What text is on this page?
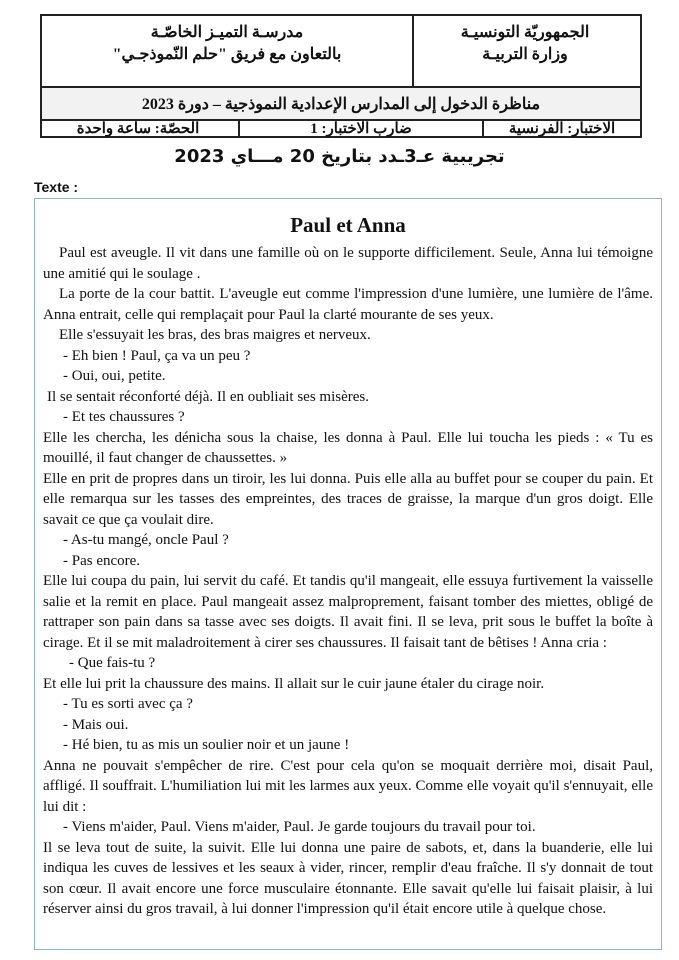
الجمهوريّة التونسيـة
وزارة التربيـة
مدرسـة التميـز الخاصّـة
بالتعاون مع فريق "حلم النّموذجـي"
مناظرة الدخول إلى المدارس الإعدادية النموذجية – دورة 2023
الاختبار: الفرنسية
ضارب الاختبار: 1
الحصّة: ساعة واحدة
تجريبية عـ3ـدد بتاريخ 20 مـــاي 2023
Texte :
Paul et Anna

Paul est aveugle. Il vit dans une famille où on le supporte difficilement. Seule, Anna lui témoigne une amitié qui le soulage .

La porte de la cour battit. L'aveugle eut comme l'impression d'une lumière, une lumière de l'âme. Anna entrait, celle qui remplaçait pour Paul la clarté mourante de ses yeux.

Elle s'essuyait les bras, des bras maigres et nerveux.

- Eh bien ! Paul, ça va un peu ?

- Oui, oui, petite.

Il se sentait réconforté déjà. Il en oubliait ses misères.

- Et tes chaussures ?

Elle les chercha, les dénicha sous la chaise, les donna à Paul. Elle lui toucha les pieds : « Tu es mouillé, il faut changer de chaussettes. »

Elle en prit de propres dans un tiroir, les lui donna. Puis elle alla au buffet pour se couper du pain. Et elle remarqua sur les tasses des empreintes, des traces de graisse, la marque d'un gros doigt. Elle savait ce que ça voulait dire.

- As-tu mangé, oncle Paul ?

- Pas encore.

Elle lui coupa du pain, lui servit du café. Et tandis qu'il mangeait, elle essuya furtivement la vaisselle salie et la remit en place. Paul mangeait assez malproprement, faisant tomber des miettes, obligé de rattraper son pain dans sa tasse avec ses doigts. Il avait fini. Il se leva, prit sous le buffet la boîte à cirage. Et il se mit maladroitement à cirer ses chaussures. Il faisait tant de bêtises ! Anna cria :

- Que fais-tu ?

Et elle lui prit la chaussure des mains. Il allait sur le cuir jaune étaler du cirage noir.

- Tu es sorti avec ça ?

- Mais oui.

- Hé bien, tu as mis un soulier noir et un jaune !

Anna ne pouvait s'empêcher de rire. C'est pour cela qu'on se moquait derrière moi, disait Paul, affligé. Il souffrait. L'humiliation lui mit les larmes aux yeux. Comme elle voyait qu'il s'ennuyait, elle lui dit :

- Viens m'aider, Paul. Viens m'aider, Paul. Je garde toujours du travail pour toi.

Il se leva tout de suite, la suivit. Elle lui donna une paire de sabots, et, dans la buanderie, elle lui indiqua les cuves de lessives et les seaux à vider, rincer, remplir d'eau fraîche. Il s'y donnait de tout son cœur. Il avait encore une force musculaire étonnante. Elle savait qu'elle lui faisait plaisir, à lui réserver ainsi du gros travail, à lui donner l'impression qu'il était encore utile à quelque chose.
